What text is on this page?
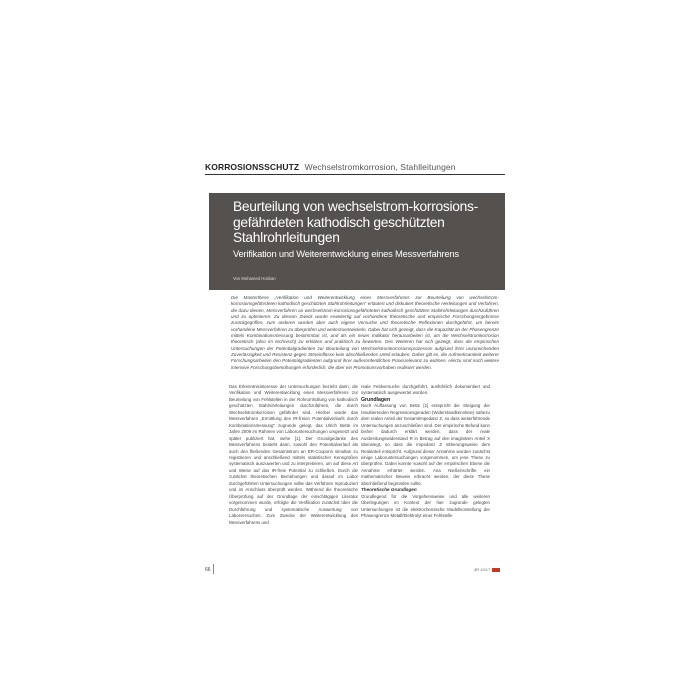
KORROSIONSSCHUTZ Wechselstromkorrosion, Stahlleitungen
Beurteilung von wechselstrom-korrosions-gefährdeten kathodisch geschützten Stahlrohrleitungen
Verifikation und Weiterentwicklung eines Messverfahrens
Von Mohamed Hosban
Die Masterthese „Verifikation und Weiterentwicklung eines Messverfahrens zur Beurteilung von wechselstrom-korrosionsgefährdeten kathodisch geschützten Stahlrohrleitungen“ erläutert und diskutiert theoretische Herleitungen und Verfahren, die dazu dienen, Messverfahren an wechselstrom-korrosionsgefährdeten kathodisch geschützten Stahlrohrleitungen durchzuführen und zu optimieren. Zu diesem Zweck wurde erweitertig auf vorhandene theoretische und empirische Forschungsergebnisse zurückgegriffen, zum anderen wurden aber auch eigene Versuche und theoretische Reflexionen durchgeführt, um bereits vorhandene Messverfahren zu überprüfen und weiterzuentwickeln. Dabei hat sich gezeigt, dass die Kapazität an der Phasengrenze mittels Kombinationsmessung bestimmbar ist, und als ein neuer Indikator herausarbeiten ist, um die Wechselstromkorrosion theoretisch (also im technisch) zu erklären und praktisch zu bewerten. Des Weiteren hat sich gezeigt, dass die empirischen Untersuchungen der Potentialgradienten zur Beurteilung von Wechselstromkorrosionsprozessen aufgrund ihrer unzureichenden Zuverlässigkeit und Resistenz gegen Störeinflüsse kein abschließendes Urteil erlauben. Daher gilt es, die Aufmerksamkeit weiterer Forschungsarbeiten den Potentialgradienten aufgrund ihrer außerordentlichen Praxisrelevanz zu widmen. Hierzu sind noch weitere intensive Forschungsbemühungen erforderlich, die über ein Promotionsvorhaben realisiert werden.

Das Erkenntnisinteresse der Untersuchungen bezieht darin, die Verifikation und Weiterentwicklung eines Messverfahrens zur Beurteilung von Fehlstellen in der Rohrumhüllung von kathodisch geschützten Stahlrohrleitungen durchzuführen, die durch Wechselstromkorrosion gefährdet sind. Hierbei wurde das Messverfahren „Ermittlung des IR-freien Potentialverlaufs durch Kombinationsmessung“ zugrunde gelegt, das Ulrich Bette im Jahre 2009 im Rahmen von Laboruntersuchungen umgesetzt und später publiziert hat, siehe [1]. Der Grundgedanke des Messverfahrens besteht darin, sowohl den Potentialverlauf als auch den fließenden Gesamtstrom an ER-Coupons simultan zu registrieren und anschließend mittels statistischer Kenngrößen systematisch auszuwerten und zu interpretieren, um auf diese Art und Weise auf das IR-freie Potential zu schließen. Durch die zunächst theoretischen Bemühungen und darauf im Labor durchgeführten Untersuchungen sollte das Verfahren reproduziert und im Anschluss überprüft werden. Während die theoretische Überprüfung auf der Grundlage der einschlägigen Literatur vorgenommen wurde, erfolgte die Verifikation zunächst über die Durchführung und systematische Auswertung von Laborversuchen. Zum Zwecke der Weiterentwicklung des Messverfahrens und

reale Feldversuche durchgeführt, ausführlich dokumentiert und systematisch ausgewertet worden.

Grundlagen

Nach Auffassung von Bette [1] entspricht die Steigung der resultierenden Regressionsgeraden (Widerstandkennlinie) nahezu dem realen Anteil der Gesamtimpedanz Z, so dass weiterführende Untersuchungen anzuschließen sind. Der empirische Befund kann bisher dadurch erklärt werden, dass der reale Ausbreitungswiderstand R in Betrag auf den imaginären Anteil X überwiegt, so dass die Impedanz Z näherungsweise dem Realanteil entspricht. Aufgrund dieser Annahme wurden zunächst einige Laboruntersuchungen vorgenommen, um jene These zu überprüfen. Dabei konnte sowohl auf der empirischen Ebene die Annahme erhärtet werden. Ana Nießenschrifte ein mathematischer Beweis erbracht werden, der diese These abschließend begründen sollte.

Theoretische Grundlagen

Grundlegend für die Vorgehensweise und alle weiteren Überlegungen im Kontext der hier zugrunde gelegten Untersuchungen ist die elektrochemische Modellvorstellung der Phasengrenze Metall/Elektrolyt einer Fehlstelle

66	3R 10/17
